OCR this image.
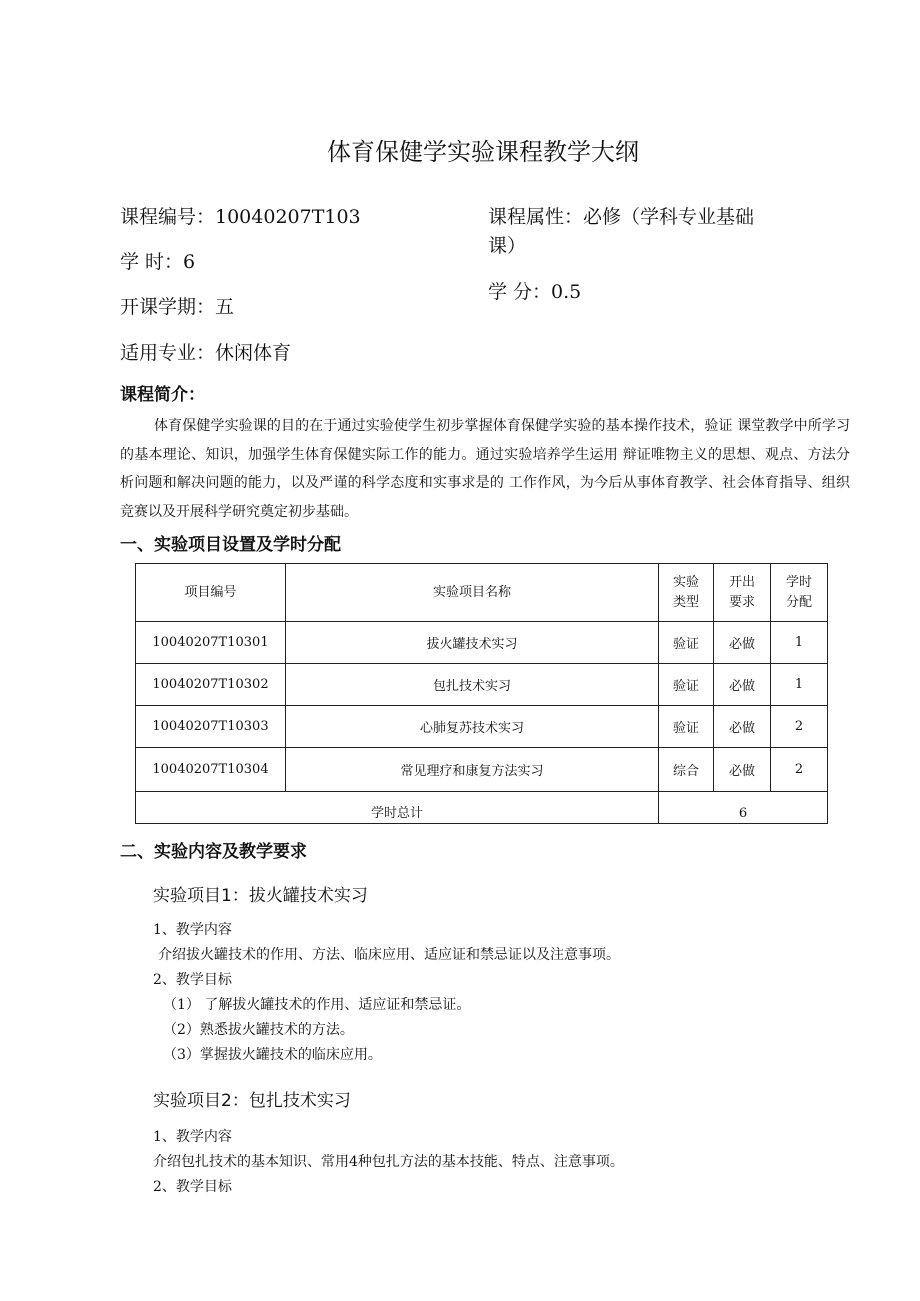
体育保健学实验课程教学大纲
课程编号：10040207T103
学 时：6
开课学期：五
适用专业：休闲体育
课程属性：必修（学科专业基础
课）
学 分：0.5
课程简介：
体育保健学实验课的目的在于通过实验使学生初步掌握体育保健学实验的基本操作技术，验证 课堂教学中所学习的基本理论、知识，加强学生体育保健实际工作的能力。通过实验培养学生运用 辩证唯物主义的思想、观点、方法分析问题和解决问题的能力，以及严谨的科学态度和实事求是的 工作作风，为今后从事体育教学、社会体育指导、组织竞赛以及开展科学研究奠定初步基础。
一、实验项目设置及学时分配
项目编号	实验项目名称	实验类型	开出要求	学时分配

10040207T10301	拔火罐技术实习	验证	必做	1
10040207T10302	包扎技术实习	验证	必做	1
10040207T10303	心肺复苏技术实习	验证	必做	2
10040207T10304	常见理疗和康复方法实习	综合	必做	2
学时总计		6		
二、实验内容及教学要求
实验项目1：拔火罐技术实习
1、教学内容
介绍拔火罐技术的作用、方法、临床应用、适应证和禁忌证以及注意事项。
2、教学目标
（1） 了解拔火罐技术的作用、适应证和禁忌证。
（2）熟悉拔火罐技术的方法。
（3）掌握拔火罐技术的临床应用。
实验项目2：包扎技术实习
1、教学内容
介绍包扎技术的基本知识、常用4种包扎方法的基本技能、特点、注意事项。
2、教学目标
